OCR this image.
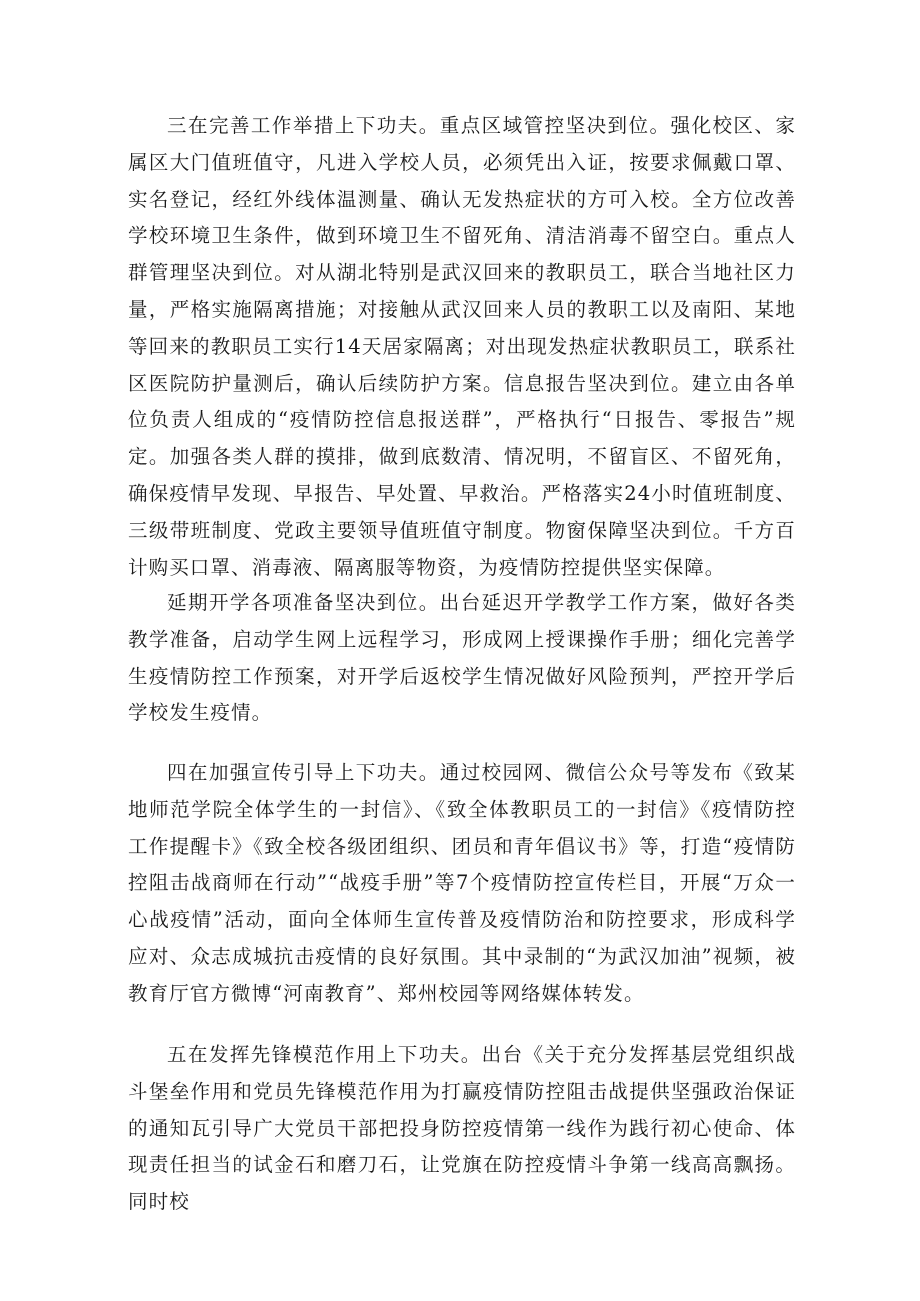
三在完善工作举措上下功夫。重点区域管控坚决到位。强化校区、家属区大门值班值守，凡进入学校人员，必须凭出入证，按要求佩戴口罩、实名登记，经红外线体温测量、确认无发热症状的方可入校。全方位改善学校环境卫生条件，做到环境卫生不留死角、清洁消毒不留空白。重点人群管理坚决到位。对从湖北特别是武汉回来的教职员工，联合当地社区力量，严格实施隔离措施；对接触从武汉回来人员的教职工以及南阳、某地等回来的教职员工实行14天居家隔离；对出现发热症状教职员工，联系社区医院防护量测后，确认后续防护方案。信息报告坚决到位。建立由各单位负责人组成的“疫情防控信息报送群”，严格执行“日报告、零报告”规定。加强各类人群的摸排，做到底数清、情况明，不留盲区、不留死角，确保疫情早发现、早报告、早处置、早救治。严格落实24小时值班制度、三级带班制度、党政主要领导值班值守制度。物窗保障坚决到位。千方百计购买口罩、消毒液、隔离服等物资，为疫情防控提供坚实保障。

延期开学各项准备坚决到位。出台延迟开学教学工作方案，做好各类教学准备，启动学生网上远程学习，形成网上授课操作手册；细化完善学生疫情防控工作预案，对开学后返校学生情况做好风险预判，严控开学后学校发生疫情。

四在加强宣传引导上下功夫。通过校园网、微信公众号等发布《致某地师范学院全体学生的一封信》、《致全体教职员工的一封信》《疫情防控工作提醒卡》《致全校各级团组织、团员和青年倡议书》等，打造“疫情防控阻击战商师在行动”“战疫手册”等7个疫情防控宣传栏目，开展“万众一心战疫情”活动，面向全体师生宣传普及疫情防治和防控要求，形成科学应对、众志成城抗击疫情的良好氛围。其中录制的“为武汉加油”视频，被教育厅官方微博“河南教育”、郑州校园等网络媒体转发。

五在发挥先锋模范作用上下功夫。出台《关于充分发挥基层党组织战斗堡垒作用和党员先锋模范作用为打赢疫情防控阻击战提供坚强政治保证的通知瓦引导广大党员干部把投身防控疫情第一线作为践行初心使命、体现责任担当的试金石和磨刀石，让党旗在防控疫情斗争第一线高高飘扬。同时校
